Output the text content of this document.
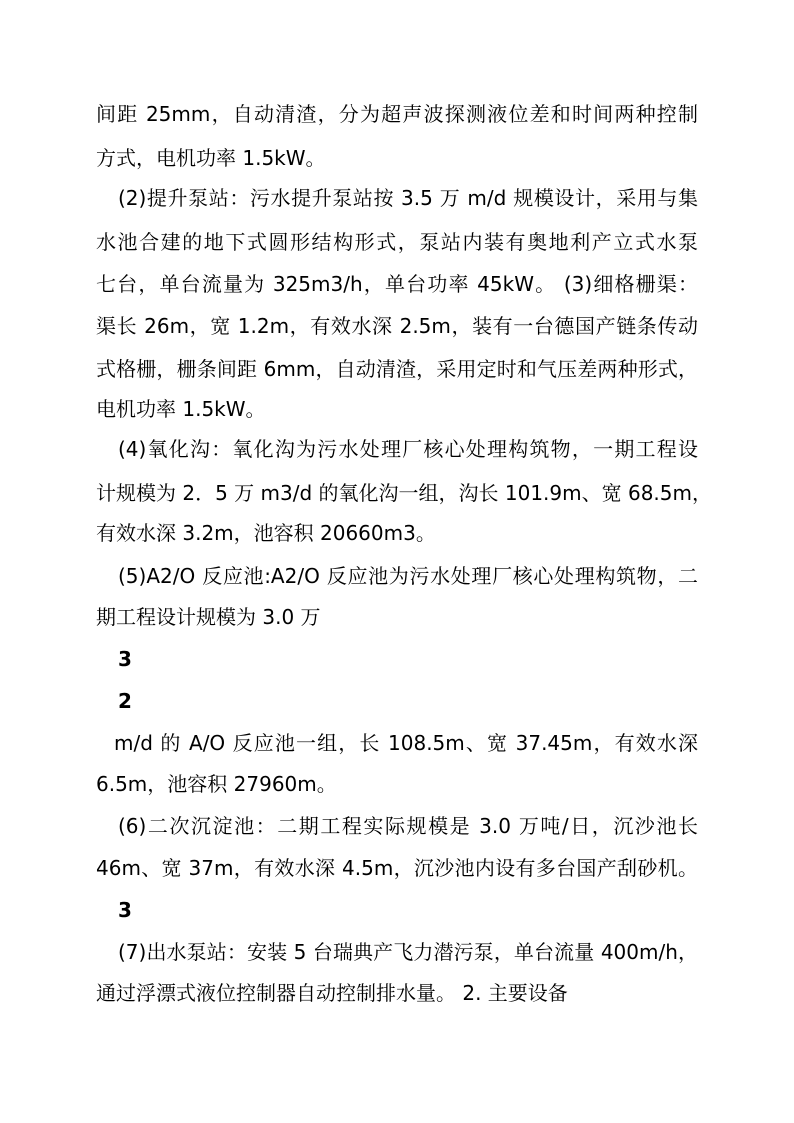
间距 25mm，自动清渣，分为超声波探测液位差和时间两种控制
方式，电机功率 1.5kW。
(2)提升泵站：污水提升泵站按 3.5 万 m/d 规模设计，采用与集
水池合建的地下式圆形结构形式，泵站内装有奥地利产立式水泵
七台，单台流量为 325m3/h，单台功率 45kW。 (3)细格栅渠：
渠长 26m，宽 1.2m，有效水深 2.5m，装有一台德国产链条传动
式格栅，栅条间距 6mm，自动清渣，采用定时和气压差两种形式，
电机功率 1.5kW。
(4)氧化沟：氧化沟为污水处理厂核心处理构筑物，一期工程设
计规模为 2．5 万 m3/d 的氧化沟一组，沟长 101.9m、宽 68.5m，
有效水深 3.2m，池容积 20660m3。
(5)A2/O 反应池:A2/O 反应池为污水处理厂核心处理构筑物，二
期工程设计规模为 3.0 万
3
2
m/d 的 A/O 反应池一组，长 108.5m、宽 37.45m，有效水深
6.5m，池容积 27960m。
(6)二次沉淀池：二期工程实际规模是 3.0 万吨/日，沉沙池长
46m、宽 37m，有效水深 4.5m，沉沙池内设有多台国产刮砂机。
3
(7)出水泵站：安装 5 台瑞典产飞力潜污泵，单台流量 400m/h，
通过浮漂式液位控制器自动控制排水量。 2. 主要设备
